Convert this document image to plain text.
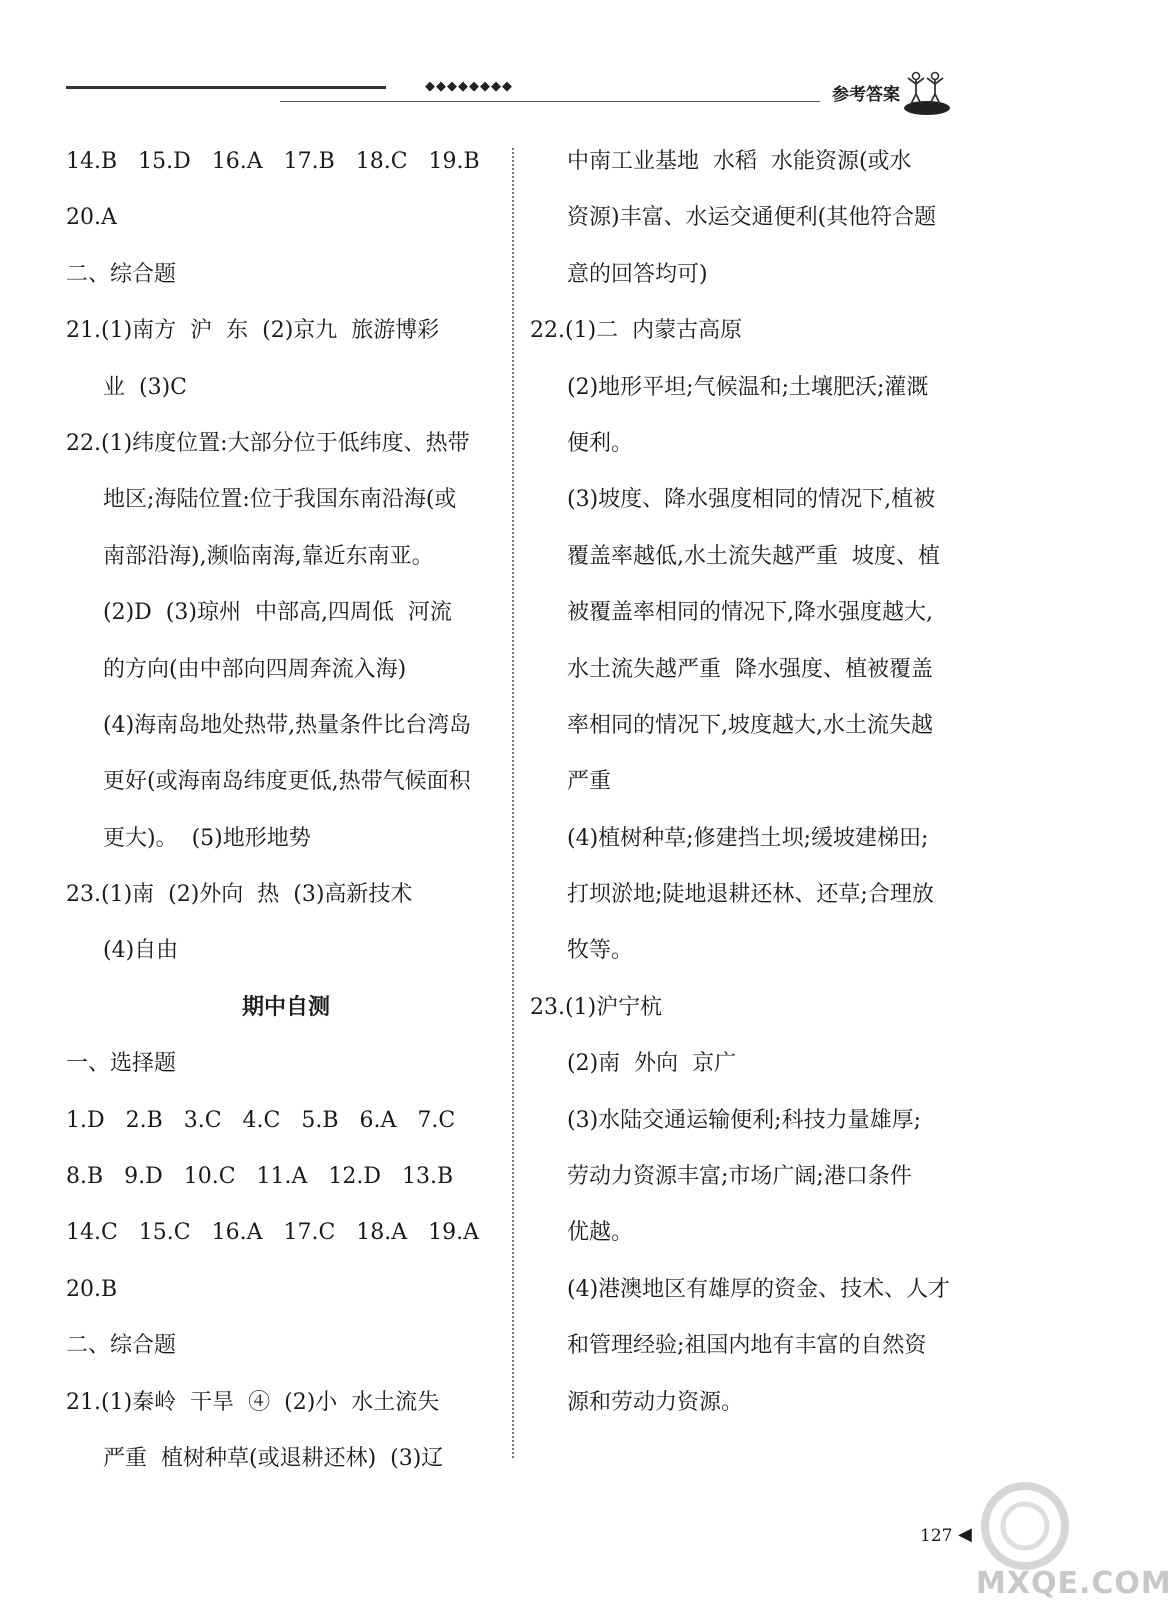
◆◆◆◆◆◆◆◆	参考答案
14.B   15.D   16.A   17.B   18.C   19.B
20.A
二、综合题
21.(1)南方  沪  东  (2)京九  旅游博彩
业  (3)C
22.(1)纬度位置:大部分位于低纬度、热带
地区;海陆位置:位于我国东南沿海(或
南部沿海),濒临南海,靠近东南亚。
(2)D  (3)琼州  中部高,四周低  河流
的方向(由中部向四周奔流入海)
(4)海南岛地处热带,热量条件比台湾岛
更好(或海南岛纬度更低,热带气候面积
更大)。  (5)地形地势
23.(1)南  (2)外向  热  (3)高新技术
(4)自由
期中自测
一、选择题
1.D   2.B   3.C   4.C   5.B   6.A   7.C
8.B   9.D   10.C   11.A   12.D   13.B
14.C   15.C   16.A   17.C   18.A   19.A
20.B
二、综合题
21.(1)秦岭  干旱  ④  (2)小  水土流失
严重  植树种草(或退耕还林)  (3)辽
中南工业基地  水稻  水能资源(或水
资源)丰富、水运交通便利(其他符合题
意的回答均可)
22.(1)二  内蒙古高原
(2)地形平坦;气候温和;土壤肥沃;灌溉
便利。
(3)坡度、降水强度相同的情况下,植被
覆盖率越低,水土流失越严重  坡度、植
被覆盖率相同的情况下,降水强度越大,
水土流失越严重  降水强度、植被覆盖
率相同的情况下,坡度越大,水土流失越
严重
(4)植树种草;修建挡土坝;缓坡建梯田;
打坝淤地;陡地退耕还林、还草;合理放
牧等。
23.(1)沪宁杭
(2)南  外向  京广
(3)水陆交通运输便利;科技力量雄厚;
劳动力资源丰富;市场广阔;港口条件
优越。
(4)港澳地区有雄厚的资金、技术、人才
和管理经验;祖国内地有丰富的自然资
源和劳动力资源。
127 ◀
MXQE.COM
